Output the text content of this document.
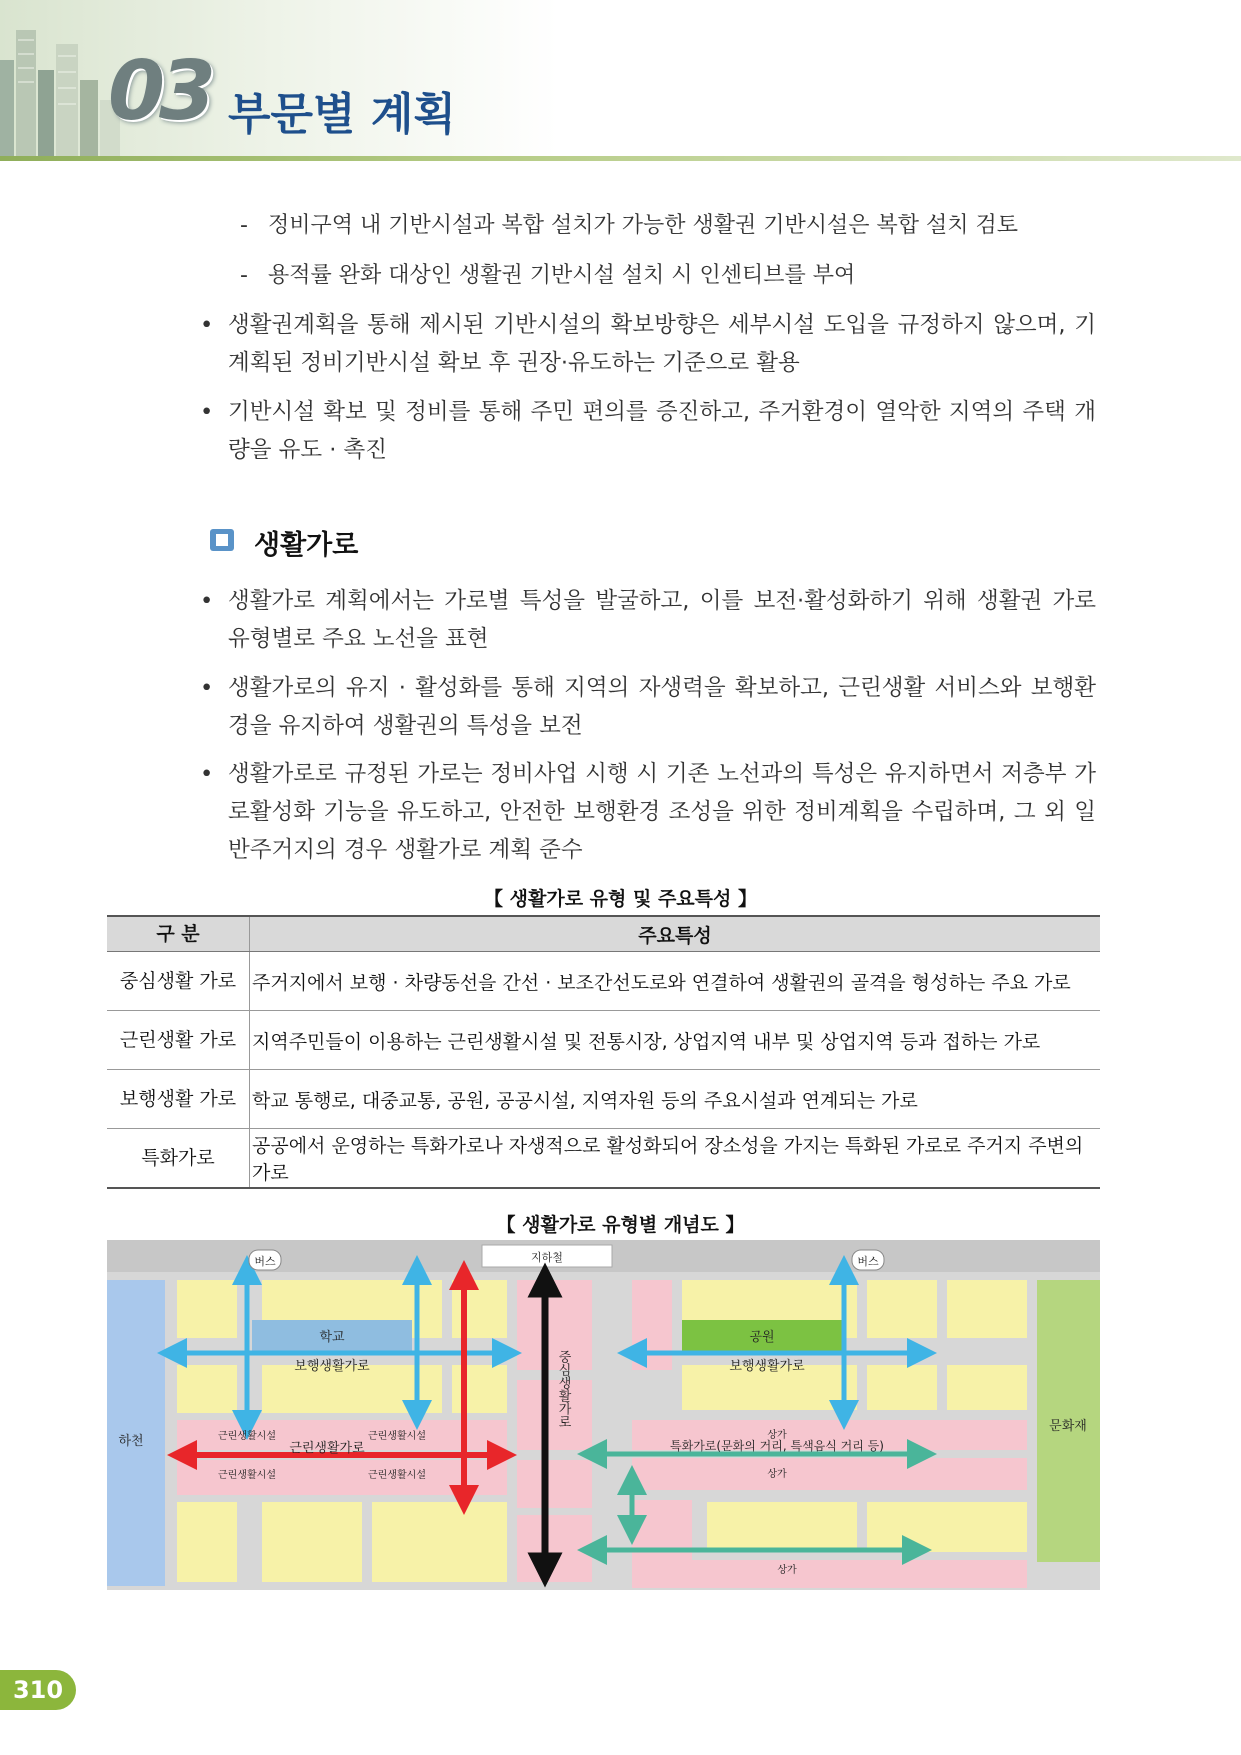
03 부문별 계획
- 정비구역 내 기반시설과 복합 설치가 가능한 생활권 기반시설은 복합 설치 검토
- 용적률 완화 대상인 생활권 기반시설 설치 시 인센티브를 부여
• 생활권계획을 통해 제시된 기반시설의 확보방향은 세부시설 도입을 규정하지 않으며, 기 계획된 정비기반시설 확보 후 권장·유도하는 기준으로 활용
• 기반시설 확보 및 정비를 통해 주민 편의를 증진하고, 주거환경이 열악한 지역의 주택 개량을 유도 · 촉진
생활가로
• 생활가로 계획에서는 가로별 특성을 발굴하고, 이를 보전·활성화하기 위해 생활권 가로 유형별로 주요 노선을 표현
• 생활가로의 유지 · 활성화를 통해 지역의 자생력을 확보하고, 근린생활 서비스와 보행환경을 유지하여 생활권의 특성을 보전
• 생활가로로 규정된 가로는 정비사업 시행 시 기존 노선과의 특성은 유지하면서 저층부 가로활성화 기능을 유도하고, 안전한 보행환경 조성을 위한 정비계획을 수립하며, 그 외 일반주거지의 경우 생활가로 계획 준수
【 생활가로 유형 및 주요특성 】
구 분	주요특성
중심생활 가로	주거지에서 보행 · 차량동선을 간선 · 보조간선도로와 연결하여 생활권의 골격을 형성하는 주요 가로
근린생활 가로	지역주민들이 이용하는 근린생활시설 및 전통시장, 상업지역 내부 및 상업지역 등과 접하는 가로
보행생활 가로	학교 통행로, 대중교통, 공원, 공공시설, 지역자원 등의 주요시설과 연계되는 가로
특화가로	공공에서 운영하는 특화가로나 자생적으로 활성화되어 장소성을 가지는 특화된 가로로 주거지 주변의 가로
【 생활가로 유형별 개념도 】
지하철
버스	버스
학교	공원
보행생활가로	보행생활가로
근린생활시설	근린생활시설
근린생활가로
근린생활시설	근린생활시설
하천
문화재
상가
특화가로(문화의 거리, 특색음식 거리 등)
상가
상가
중심생활가로
310
